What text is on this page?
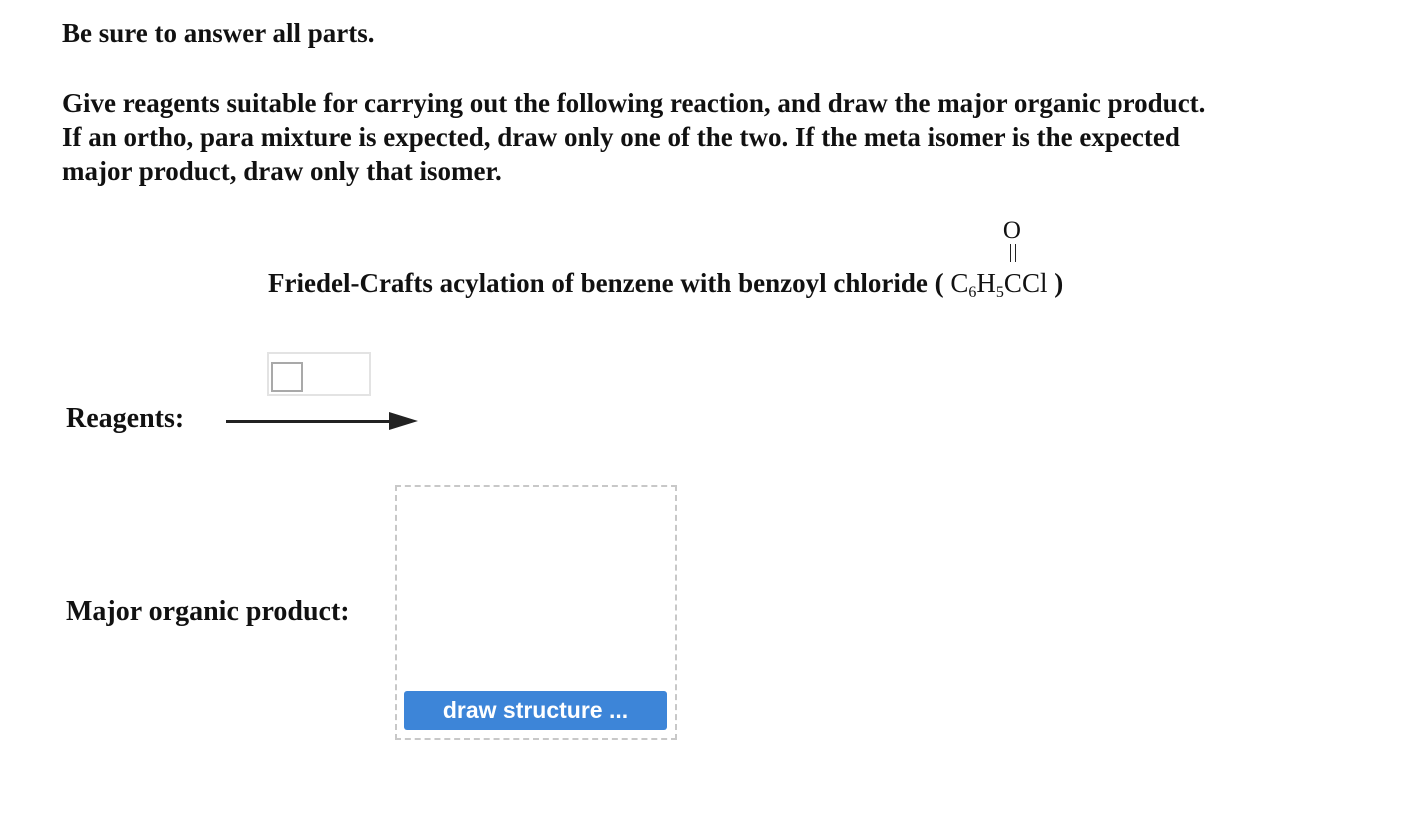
Be sure to answer all parts.

Give reagents suitable for carrying out the following reaction, and draw the major organic product.

If an ortho, para mixture is expected, draw only one of the two. If the meta isomer is the expected

major product, draw only that isomer.

Friedel-Crafts acylation of benzene with benzoyl chloride ( $C_6H_5$
O
CCl )
Reagents:
Major organic product:
draw structure ...
